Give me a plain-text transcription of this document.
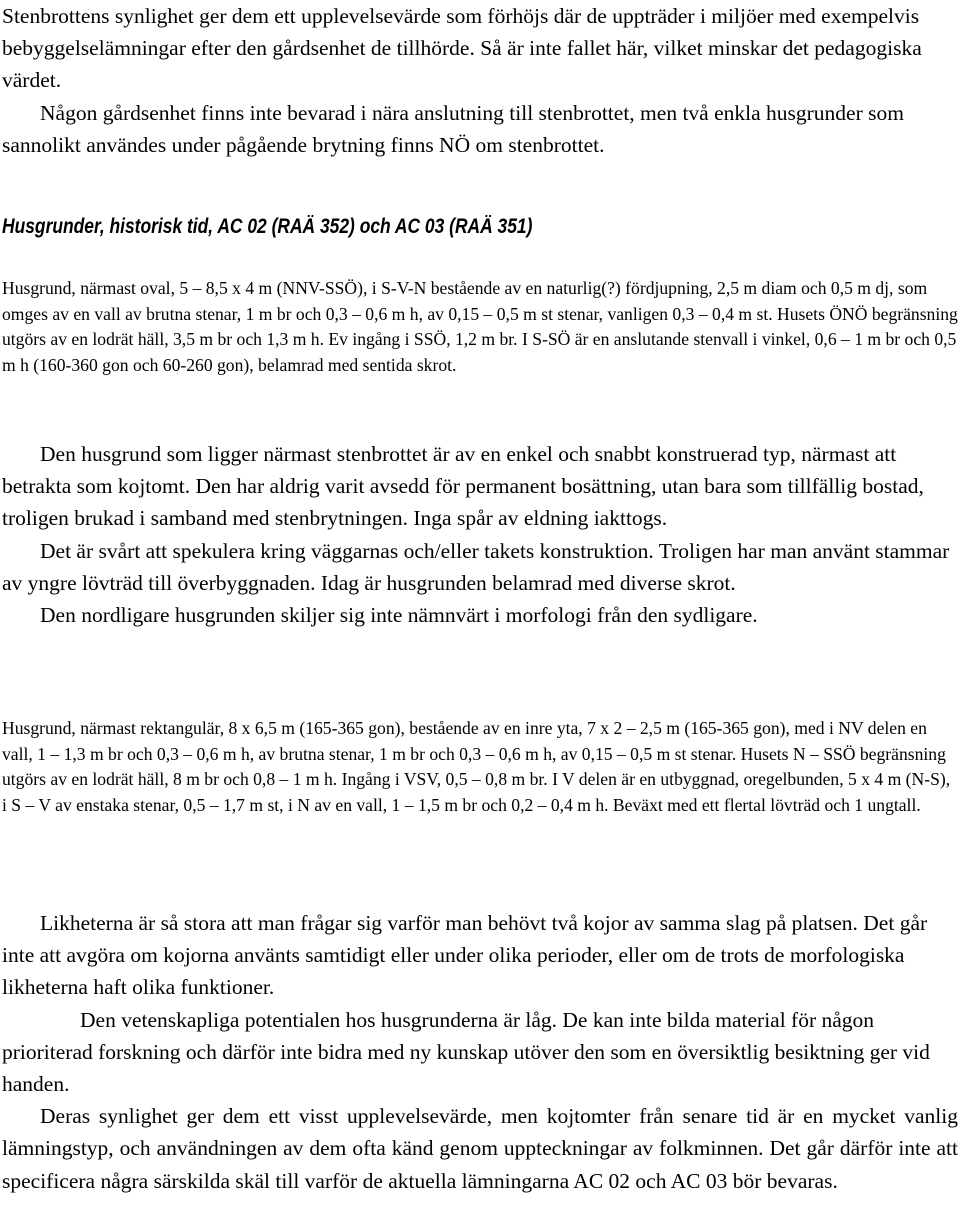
Stenbrottens synlighet ger dem ett upplevelsevärde som förhöjs där de uppträder i miljöer med exempelvis bebyggelselämningar efter den gårdsenhet de tillhörde. Så är inte fallet här, vilket minskar det pedagogiska värdet.

Någon gårdsenhet finns inte bevarad i nära anslutning till stenbrottet, men två enkla husgrunder som sannolikt användes under pågående brytning finns NÖ om stenbrottet.

Husgrunder, historisk tid, AC 02 (RAÄ 352) och AC 03 (RAÄ 351)

Husgrund, närmast oval, 5 – 8,5 x 4 m (NNV-SSÖ), i S-V-N bestående av en naturlig(?) fördjupning, 2,5 m diam och 0,5 m dj, som omges av en vall av brutna stenar, 1 m br och 0,3 – 0,6 m h, av 0,15 – 0,5 m st stenar, vanligen 0,3 – 0,4 m st. Husets ÖNÖ begränsning utgörs av en lodrät häll, 3,5 m br och 1,3 m h. Ev ingång i SSÖ, 1,2 m br. I S-SÖ är en anslutande stenvall i vinkel, 0,6 – 1 m br och 0,5 m h (160-360 gon och 60-260 gon), belamrad med sentida skrot.

Den husgrund som ligger närmast stenbrottet är av en enkel och snabbt konstruerad typ, närmast att betrakta som kojtomt. Den har aldrig varit avsedd för permanent bosättning, utan bara som tillfällig bostad, troligen brukad i samband med stenbrytningen. Inga spår av eldning iakttogs.

Det är svårt att spekulera kring väggarnas och/eller takets konstruktion. Troligen har man använt stammar av yngre lövträd till överbyggnaden. Idag är husgrunden belamrad med diverse skrot.

Den nordligare husgrunden skiljer sig inte nämnvärt i morfologi från den sydligare.

Husgrund, närmast rektangulär, 8 x 6,5 m (165-365 gon), bestående av en inre yta, 7 x 2 – 2,5 m (165-365 gon), med i NV delen en vall, 1 – 1,3 m br och 0,3 – 0,6 m h, av brutna stenar, 1 m br och 0,3 – 0,6 m h, av 0,15 – 0,5 m st stenar. Husets N – SSÖ begränsning utgörs av en lodrät häll, 8 m br och 0,8 – 1 m h. Ingång i VSV, 0,5 – 0,8 m br. I V delen är en utbyggnad, oregelbunden, 5 x 4 m (N-S), i S – V av enstaka stenar, 0,5 – 1,7 m st, i N av en vall, 1 – 1,5 m br och 0,2 – 0,4 m h. Beväxt med ett flertal lövträd och 1 ungtall.

Likheterna är så stora att man frågar sig varför man behövt två kojor av samma slag på platsen. Det går inte att avgöra om kojorna använts samtidigt eller under olika perioder, eller om de trots de morfologiska likheterna haft olika funktioner.

Den vetenskapliga potentialen hos husgrunderna är låg. De kan inte bilda material för någon prioriterad forskning och därför inte bidra med ny kunskap utöver den som en översiktlig besiktning ger vid handen.

Deras synlighet ger dem ett visst upplevelsevärde, men kojtomter från senare tid är en mycket vanlig lämningstyp, och användningen av dem ofta känd genom uppteckningar av folkminnen. Det går därför inte att specificera några särskilda skäl till varför de aktuella lämningarna AC 02 och AC 03 bör bevaras.
